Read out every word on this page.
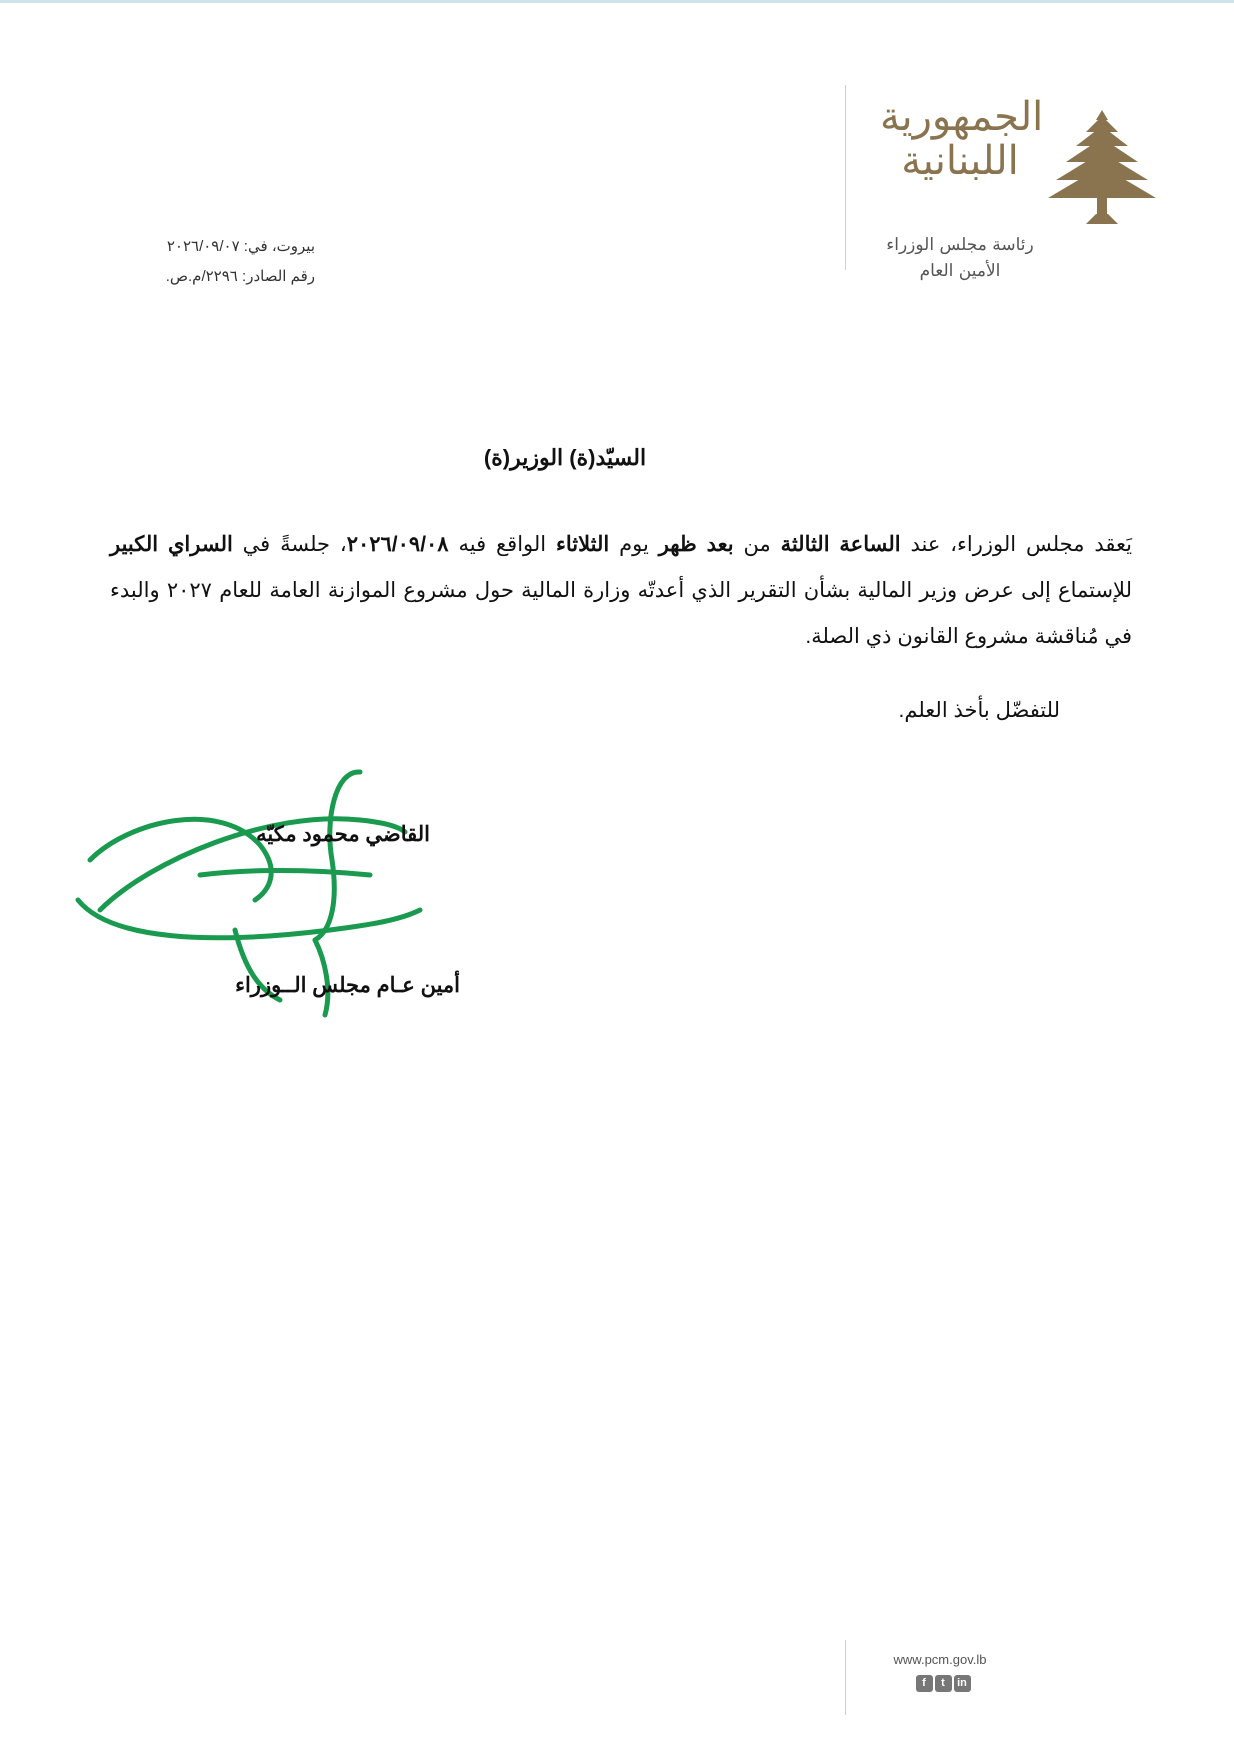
الجمهورية
اللبنانية
رئاسة مجلس الوزراء
الأمين العام
بيروت، في: ٢٠٢٦/٠٩/٠٧
رقم الصادر: ٢٢٩٦/م.ص.
السيّد(ة) الوزير(ة)
يَعقد مجلس الوزراء، عند الساعة الثالثة من بعد ظهر يوم الثلاثاء الواقع فيه ٢٠٢٦/٠٩/٠٨، جلسةً في السراي الكبير للإستماع إلى عرض وزير المالية بشأن التقرير الذي أعدتّه وزارة المالية حول مشروع الموازنة العامة للعام ٢٠٢٧ والبدء في مُناقشة مشروع القانون ذي الصلة.
للتفضّل بأخذ العلم.
القاضي محمود مكيّه
أمين عـام مجلس الــوزراء
www.pcm.gov.lb
f	t	in
